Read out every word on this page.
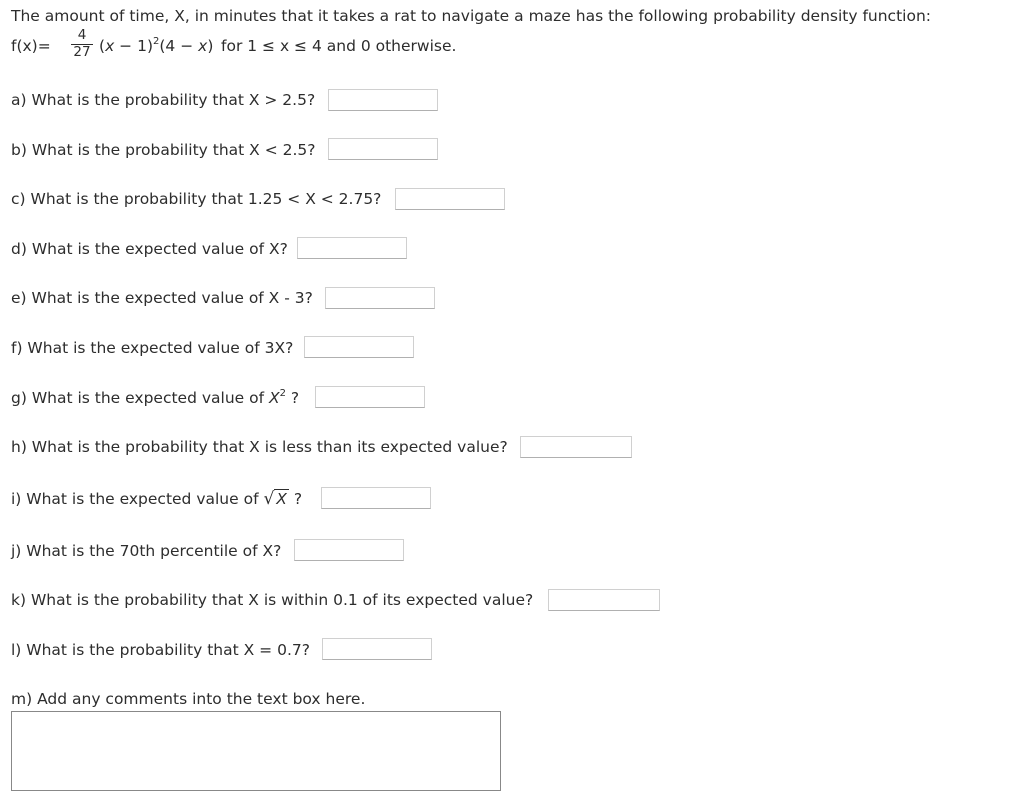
The amount of time, X, in minutes that it takes a rat to navigate a maze has the following probability density function:
$f(x)= \frac{4}{27} (x - 1)^2(4 - x)$ for 1 ≤ x ≤ 4 and 0 otherwise.
a) What is the probability that X > 2.5?
b) What is the probability that X < 2.5?
c) What is the probability that 1.25 < X < 2.75?
d) What is the expected value of X?
e) What is the expected value of X - 3?
f) What is the expected value of 3X?
g) What is the expected value of $X^2$ ?
h) What is the probability that X is less than its expected value?
i) What is the expected value of √ X ?
j) What is the 70th percentile of X?
k) What is the probability that X is within 0.1 of its expected value?
l) What is the probability that X = 0.7?
m) Add any comments into the text box here.
